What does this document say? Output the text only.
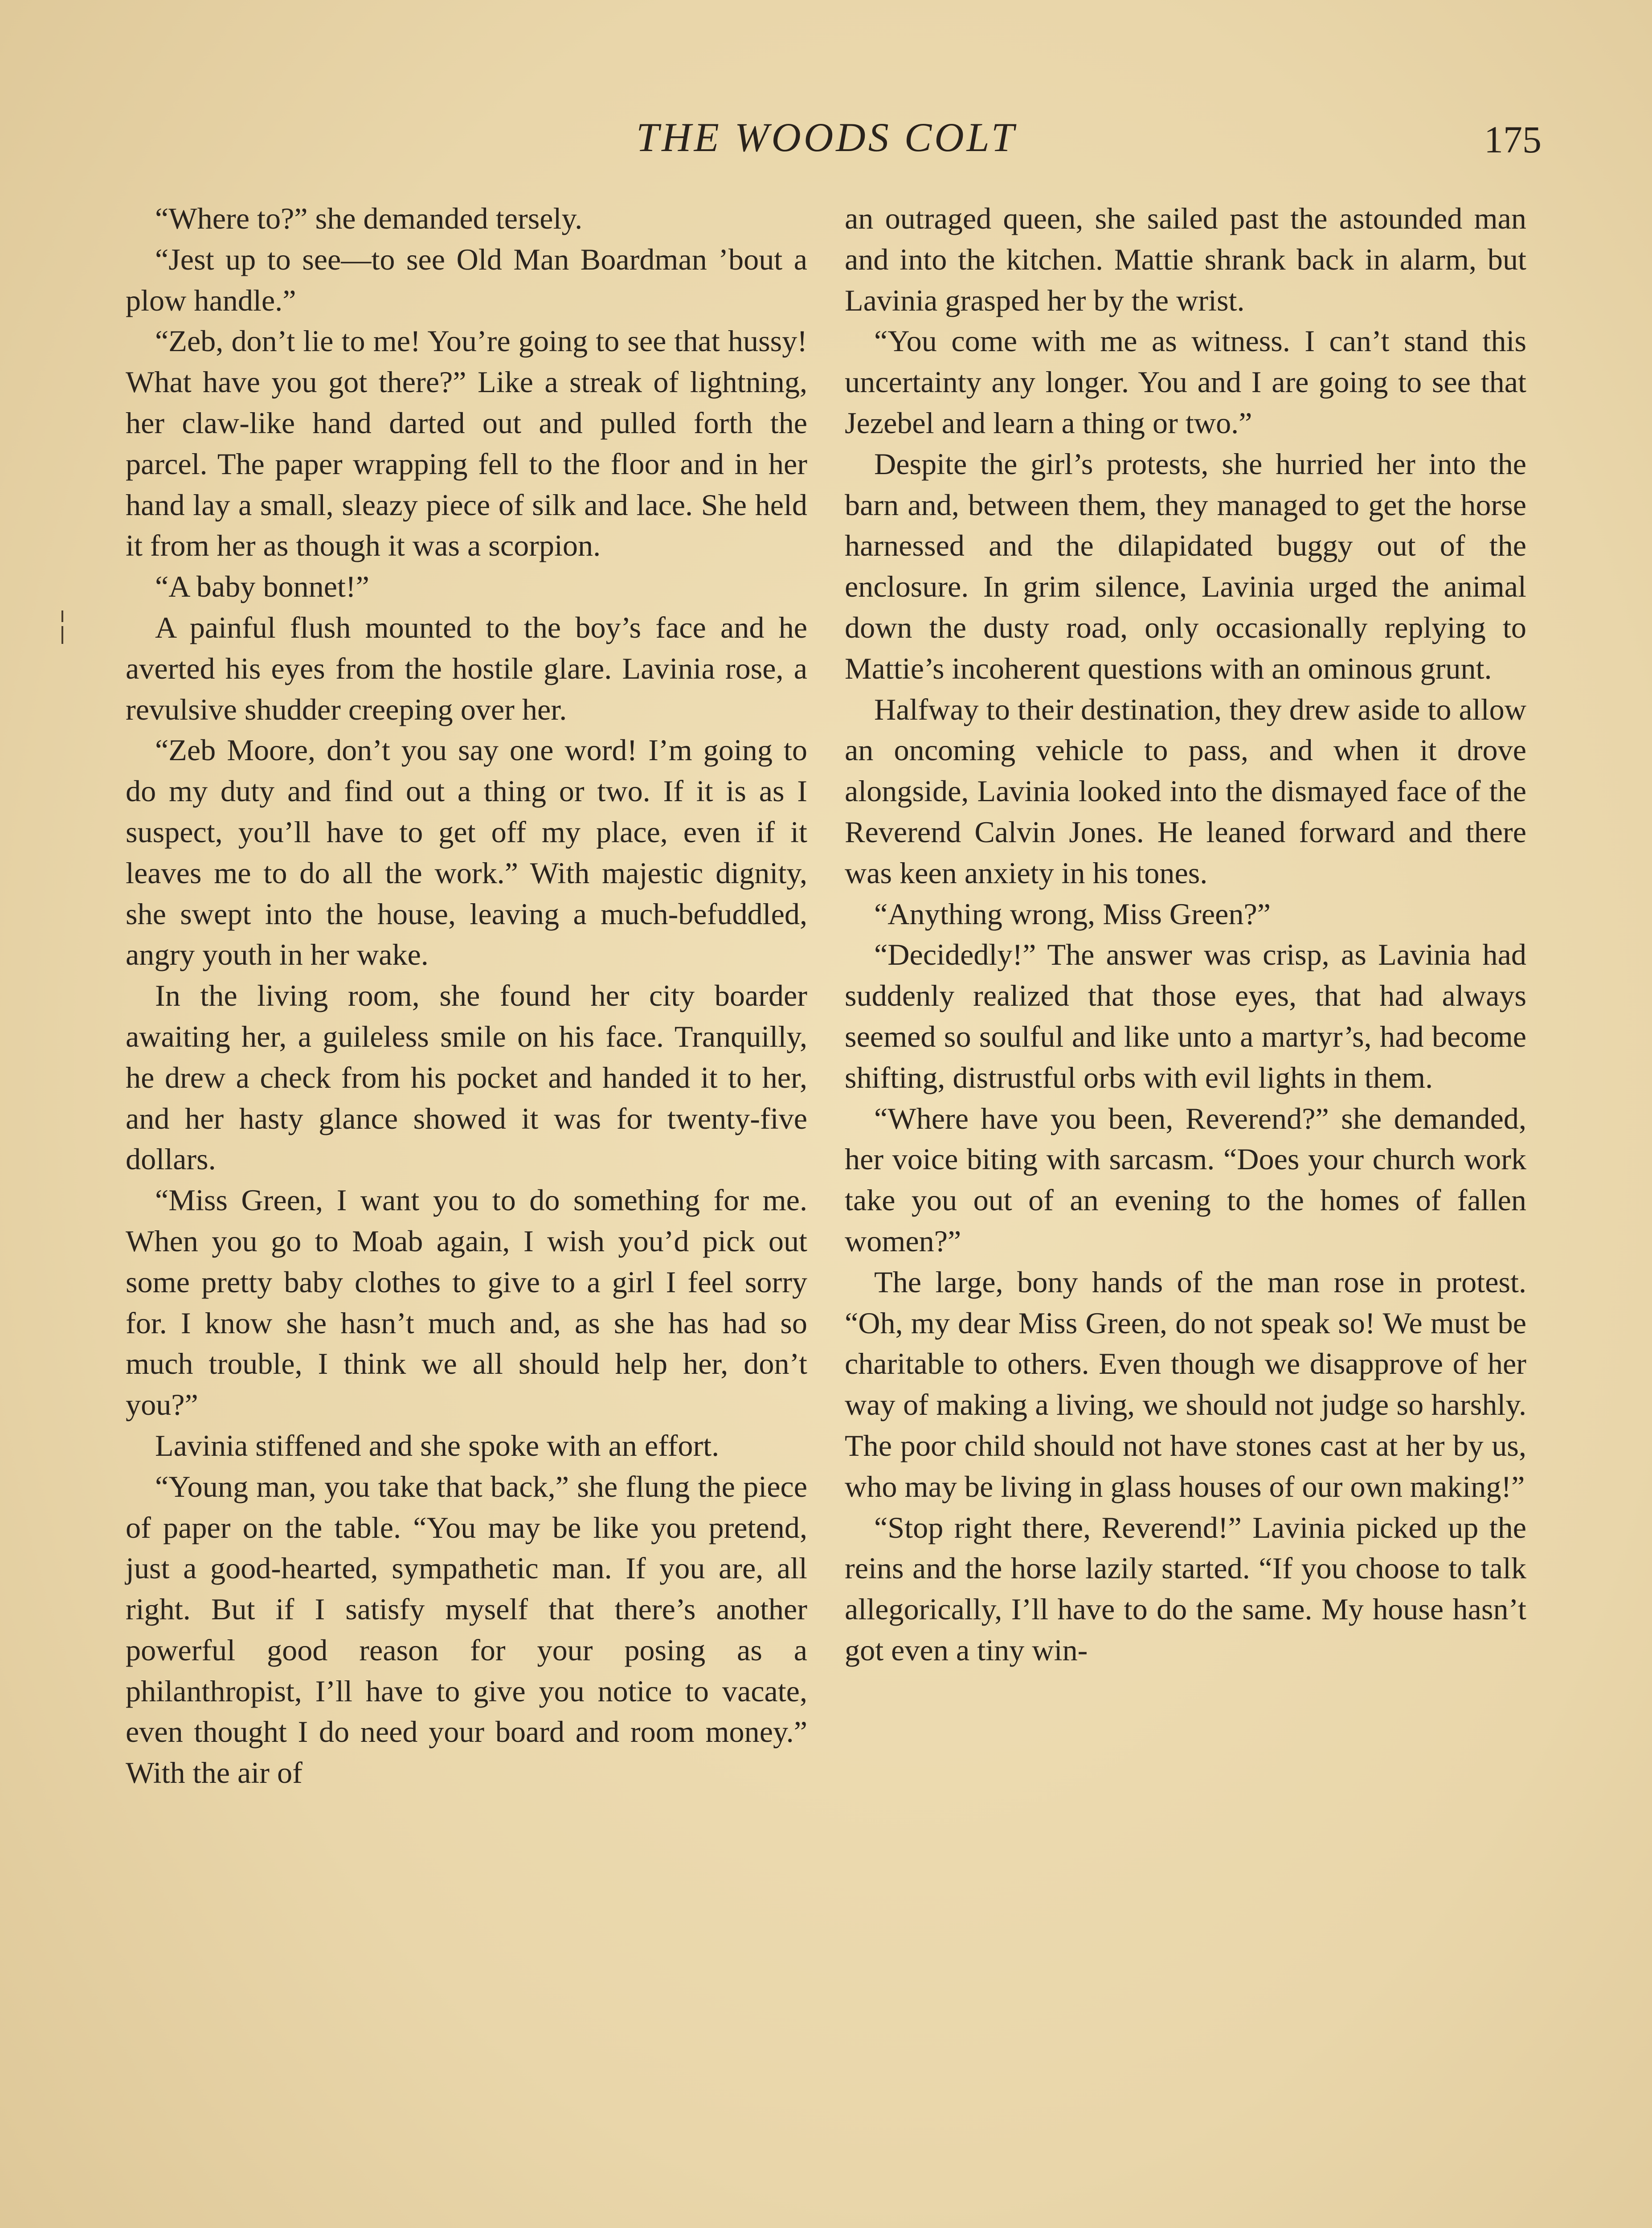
THE WOODS COLT	175

“Where to?” she demanded tersely.

“Jest up to see—to see Old Man Boardman ’bout a plow handle.”

“Zeb, don’t lie to me! You’re going to see that hussy! What have you got there?” Like a streak of lightning, her claw-like hand darted out and pulled forth the parcel. The paper wrapping fell to the floor and in her hand lay a small, sleazy piece of silk and lace. She held it from her as though it was a scorpion.

“A baby bonnet!”

A painful flush mounted to the boy’s face and he averted his eyes from the hostile glare. Lavinia rose, a revulsive shudder creeping over her.

“Zeb Moore, don’t you say one word! I’m going to do my duty and find out a thing or two. If it is as I suspect, you’ll have to get off my place, even if it leaves me to do all the work.” With majestic dignity, she swept into the house, leaving a much-befuddled, angry youth in her wake.

In the living room, she found her city boarder awaiting her, a guileless smile on his face. Tranquilly, he drew a check from his pocket and handed it to her, and her hasty glance showed it was for twenty-five dollars.

“Miss Green, I want you to do something for me. When you go to Moab again, I wish you’d pick out some pretty baby clothes to give to a girl I feel sorry for. I know she hasn’t much and, as she has had so much trouble, I think we all should help her, don’t you?”

Lavinia stiffened and she spoke with an effort.

“Young man, you take that back,” she flung the piece of paper on the table. “You may be like you pretend, just a good-hearted, sympathetic man. If you are, all right. But if I satisfy myself that there’s another powerful good reason for your posing as a philanthropist, I’ll have to give you notice to vacate, even thought I do need your board and room money.” With the air of

an outraged queen, she sailed past the astounded man and into the kitchen. Mattie shrank back in alarm, but Lavinia grasped her by the wrist.

“You come with me as witness. I can’t stand this uncertainty any longer. You and I are going to see that Jezebel and learn a thing or two.”

Despite the girl’s protests, she hurried her into the barn and, between them, they managed to get the horse harnessed and the dilapidated buggy out of the enclosure. In grim silence, Lavinia urged the animal down the dusty road, only occasionally replying to Mattie’s incoherent questions with an ominous grunt.

Halfway to their destination, they drew aside to allow an oncoming vehicle to pass, and when it drove alongside, Lavinia looked into the dismayed face of the Reverend Calvin Jones. He leaned forward and there was keen anxiety in his tones.

“Anything wrong, Miss Green?”

“Decidedly!” The answer was crisp, as Lavinia had suddenly realized that those eyes, that had always seemed so soulful and like unto a martyr’s, had become shifting, distrustful orbs with evil lights in them.

“Where have you been, Reverend?” she demanded, her voice biting with sarcasm. “Does your church work take you out of an evening to the homes of fallen women?”

The large, bony hands of the man rose in protest. “Oh, my dear Miss Green, do not speak so! We must be charitable to others. Even though we disapprove of her way of making a living, we should not judge so harshly. The poor child should not have stones cast at her by us, who may be living in glass houses of our own making!”

“Stop right there, Reverend!” Lavinia picked up the reins and the horse lazily started. “If you choose to talk allegorically, I’ll have to do the same. My house hasn’t got even a tiny win-
